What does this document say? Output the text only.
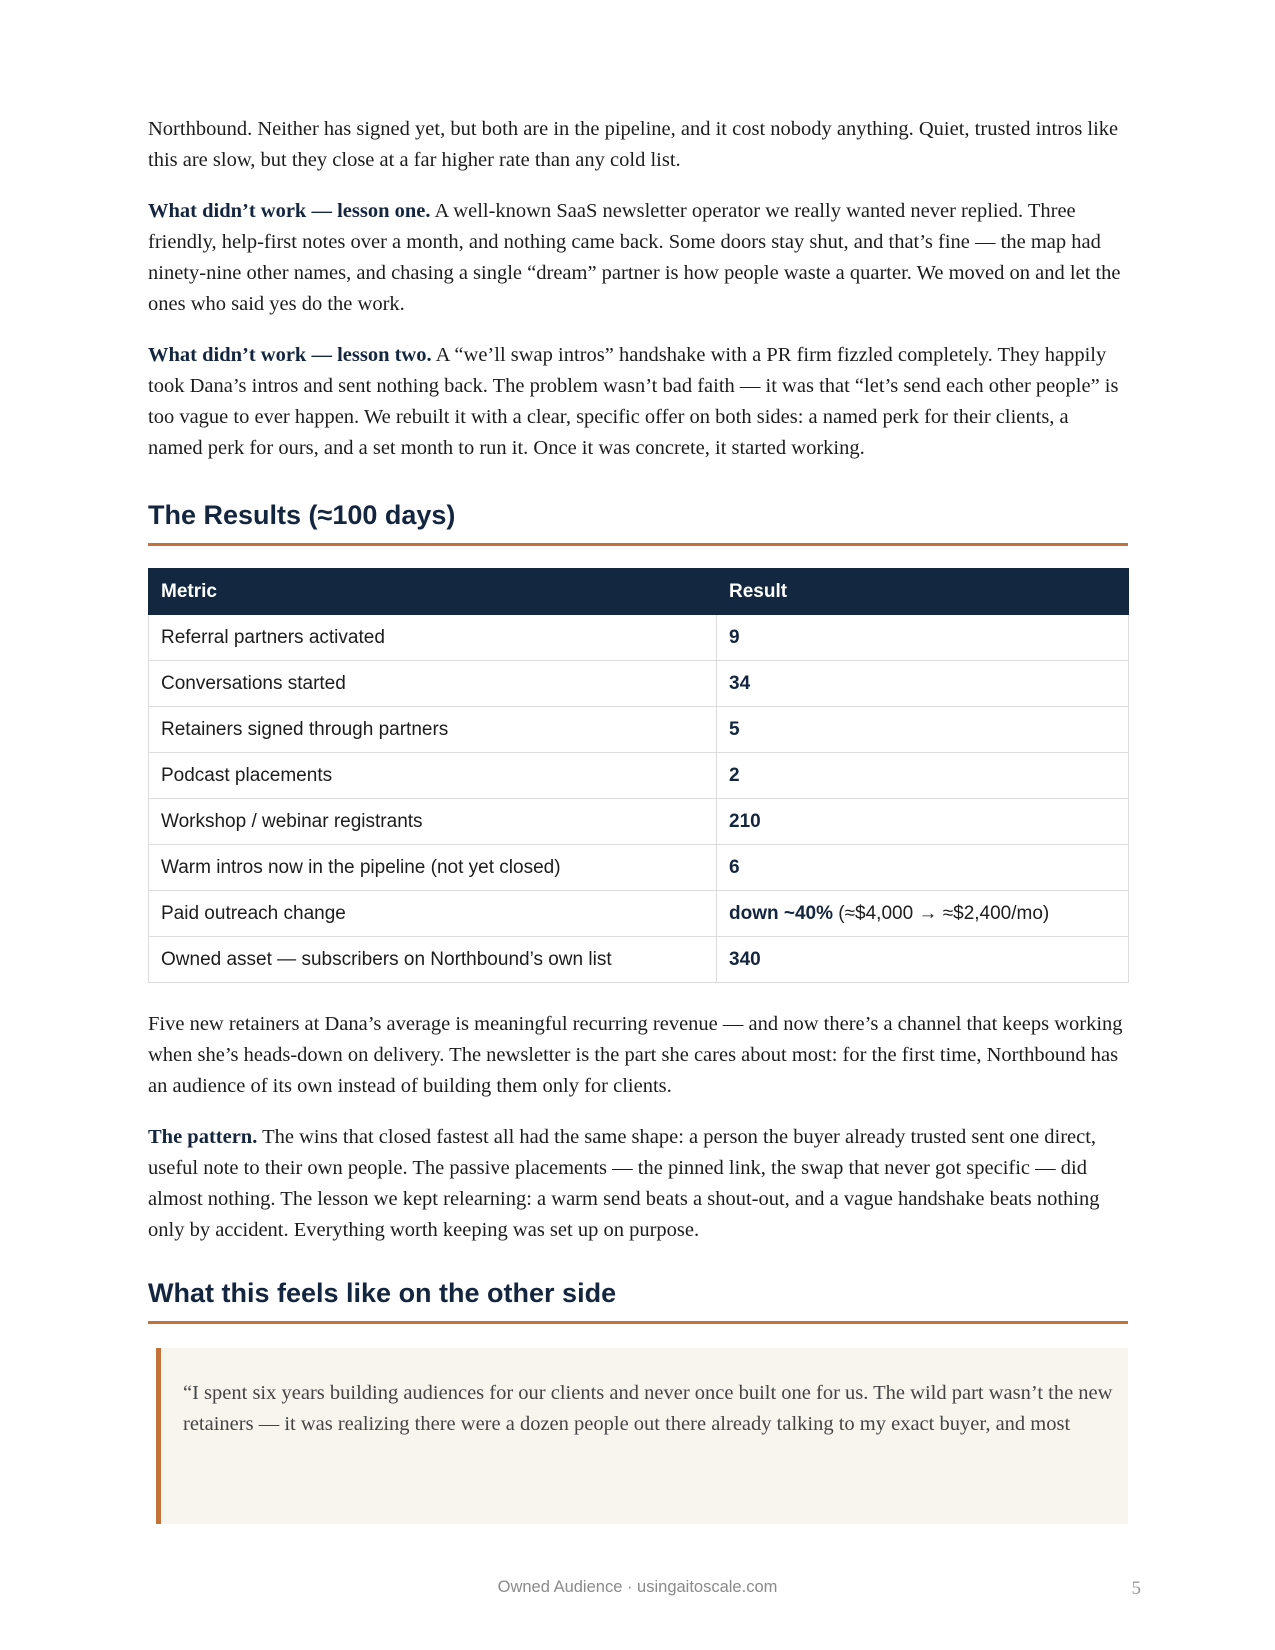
Northbound. Neither has signed yet, but both are in the pipeline, and it cost nobody anything. Quiet, trusted intros like this are slow, but they close at a far higher rate than any cold list.

What didn’t work — lesson one. A well-known SaaS newsletter operator we really wanted never replied. Three friendly, help-first notes over a month, and nothing came back. Some doors stay shut, and that’s fine — the map had ninety-nine other names, and chasing a single “dream” partner is how people waste a quarter. We moved on and let the ones who said yes do the work.

What didn’t work — lesson two. A “we’ll swap intros” handshake with a PR firm fizzled completely. They happily took Dana’s intros and sent nothing back. The problem wasn’t bad faith — it was that “let’s send each other people” is too vague to ever happen. We rebuilt it with a clear, specific offer on both sides: a named perk for their clients, a named perk for ours, and a set month to run it. Once it was concrete, it started working.

The Results (≈100 days)
Metric	Result
Referral partners activated	9
Conversations started	34
Retainers signed through partners	5
Podcast placements	2
Workshop / webinar registrants	210
Warm intros now in the pipeline (not yet closed)	6
Paid outreach change	down ~40% (≈$4,000 → ≈$2,400/mo)
Owned asset — subscribers on Northbound’s own list	340

Five new retainers at Dana’s average is meaningful recurring revenue — and now there’s a channel that keeps working when she’s heads-down on delivery. The newsletter is the part she cares about most: for the first time, Northbound has an audience of its own instead of building them only for clients.

The pattern. The wins that closed fastest all had the same shape: a person the buyer already trusted sent one direct, useful note to their own people. The passive placements — the pinned link, the swap that never got specific — did almost nothing. The lesson we kept relearning: a warm send beats a shout-out, and a vague handshake beats nothing only by accident. Everything worth keeping was set up on purpose.

What this feels like on the other side

“I spent six years building audiences for our clients and never once built one for us. The wild part wasn’t the new retainers — it was realizing there were a dozen people out there already talking to my exact buyer, and most

Owned Audience · usingaitoscale.com	5
